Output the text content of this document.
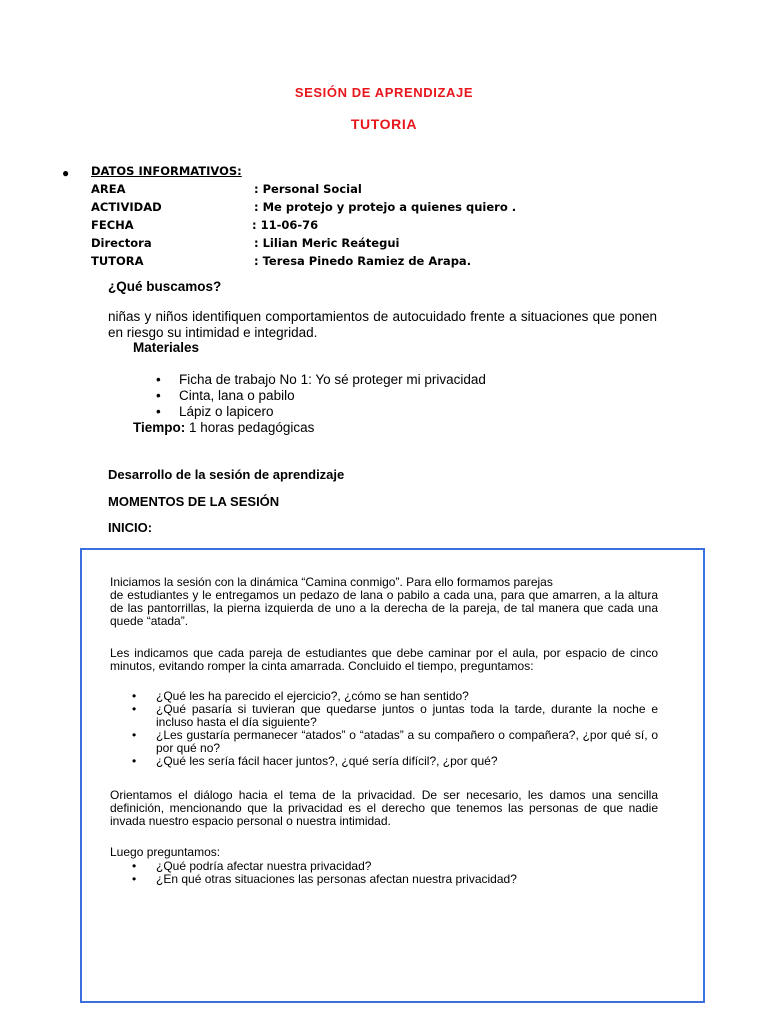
SESIÓN DE APRENDIZAJE
TUTORIA
● DATOS INFORMATIVOS:
AREA	: Personal Social
ACTIVIDAD	: Me protejo y protejo a quienes quiero .
FECHA	: 11-06-76
Directora	: Lilian Meric Reátegui
TUTORA	: Teresa Pinedo Ramiez de Arapa.
¿Qué buscamos?
niñas y niños identifiquen comportamientos de autocuidado frente a situaciones que ponen en riesgo su intimidad e integridad.
Materiales
• Ficha de trabajo No 1: Yo sé proteger mi privacidad
• Cinta, lana o pabilo
• Lápiz o lapicero
Tiempo: 1 horas pedagógicas
Desarrollo de la sesión de aprendizaje
MOMENTOS DE LA SESIÓN
INICIO:
Iniciamos la sesión con la dinámica “Camina conmigo”. Para ello formamos parejas
de estudiantes y le entregamos un pedazo de lana o pabilo a cada una, para que amarren, a la altura de las pantorrillas, la pierna izquierda de uno a la derecha de la pareja, de tal manera que cada una quede “atada”.
Les indicamos que cada pareja de estudiantes que debe caminar por el aula, por espacio de cinco minutos, evitando romper la cinta amarrada. Concluido el tiempo, preguntamos:
• ¿Qué les ha parecido el ejercicio?, ¿cómo se han sentido?
• ¿Qué pasaría si tuvieran que quedarse juntos o juntas toda la tarde, durante la noche e incluso hasta el día siguiente?
• ¿Les gustaría permanecer “atados” o “atadas” a su compañero o compañera?, ¿por qué sí, o por qué no?
• ¿Qué les sería fácil hacer juntos?, ¿qué sería difícil?, ¿por qué?
Orientamos el diálogo hacia el tema de la privacidad. De ser necesario, les damos una sencilla definición, mencionando que la privacidad es el derecho que tenemos las personas de que nadie invada nuestro espacio personal o nuestra intimidad.
Luego preguntamos:
• ¿Qué podría afectar nuestra privacidad?
• ¿En qué otras situaciones las personas afectan nuestra privacidad?
